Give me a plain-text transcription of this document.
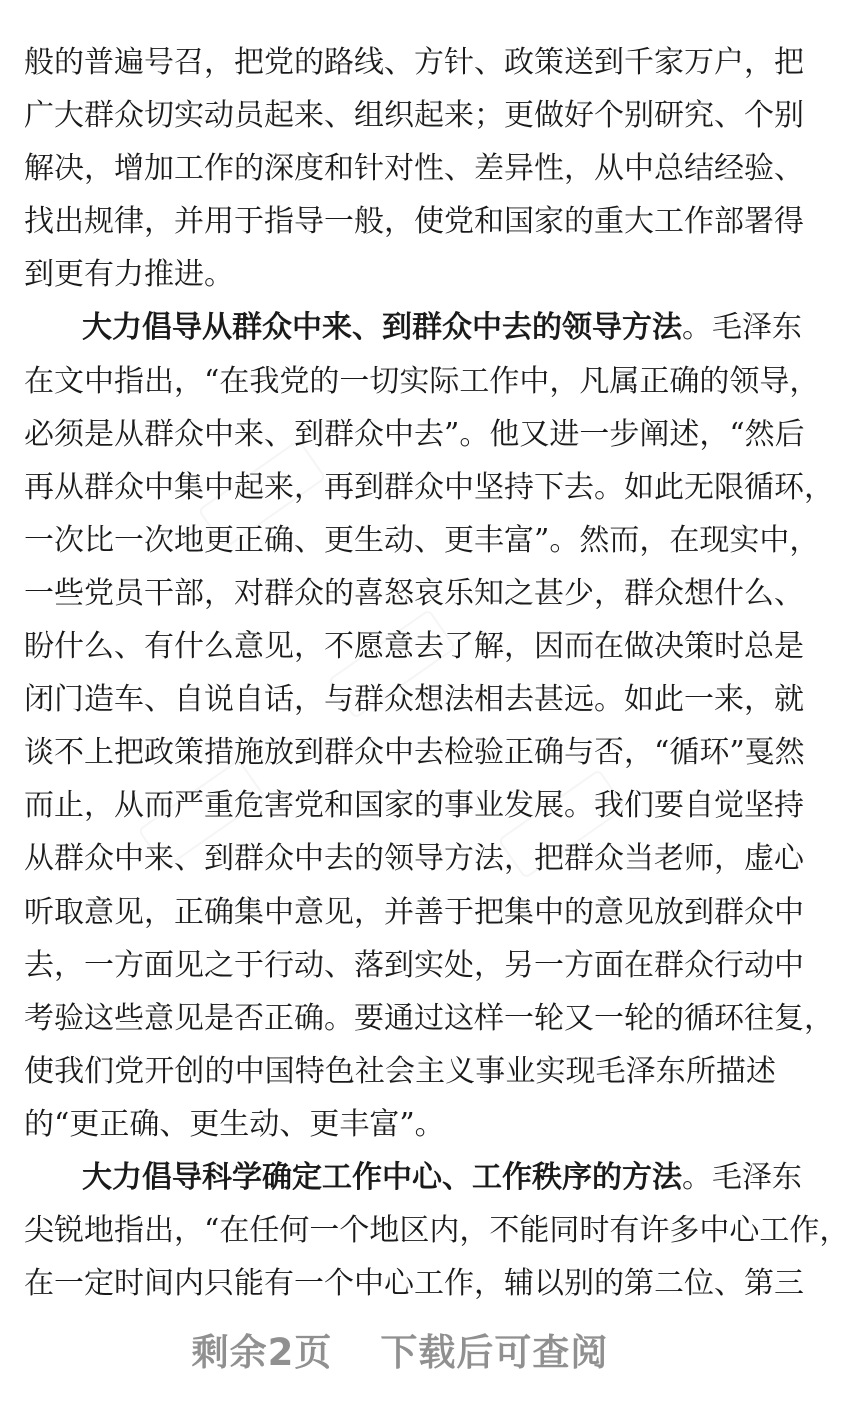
般的普遍号召，把党的路线、方针、政策送到千家万户，把
广大群众切实动员起来、组织起来；更做好个别研究、个别
解决，增加工作的深度和针对性、差异性，从中总结经验、
找出规律，并用于指导一般，使党和国家的重大工作部署得
到更有力推进。
大力倡导从群众中来、到群众中去的领导方法。毛泽东
在文中指出，“在我党的一切实际工作中，凡属正确的领导，
必须是从群众中来、到群众中去”。他又进一步阐述，“然后
再从群众中集中起来，再到群众中坚持下去。如此无限循环，
一次比一次地更正确、更生动、更丰富”。然而，在现实中，
一些党员干部，对群众的喜怒哀乐知之甚少，群众想什么、
盼什么、有什么意见，不愿意去了解，因而在做决策时总是
闭门造车、自说自话，与群众想法相去甚远。如此一来，就
谈不上把政策措施放到群众中去检验正确与否，“循环”戛然
而止，从而严重危害党和国家的事业发展。我们要自觉坚持
从群众中来、到群众中去的领导方法，把群众当老师，虚心
听取意见，正确集中意见，并善于把集中的意见放到群众中
去，一方面见之于行动、落到实处，另一方面在群众行动中
考验这些意见是否正确。要通过这样一轮又一轮的循环往复，
使我们党开创的中国特色社会主义事业实现毛泽东所描述
的“更正确、更生动、更丰富”。
大力倡导科学确定工作中心、工作秩序的方法。毛泽东
尖锐地指出，“在任何一个地区内，不能同时有许多中心工作，
在一定时间内只能有一个中心工作，辅以别的第二位、第三
剩余2页 下载后可查阅
